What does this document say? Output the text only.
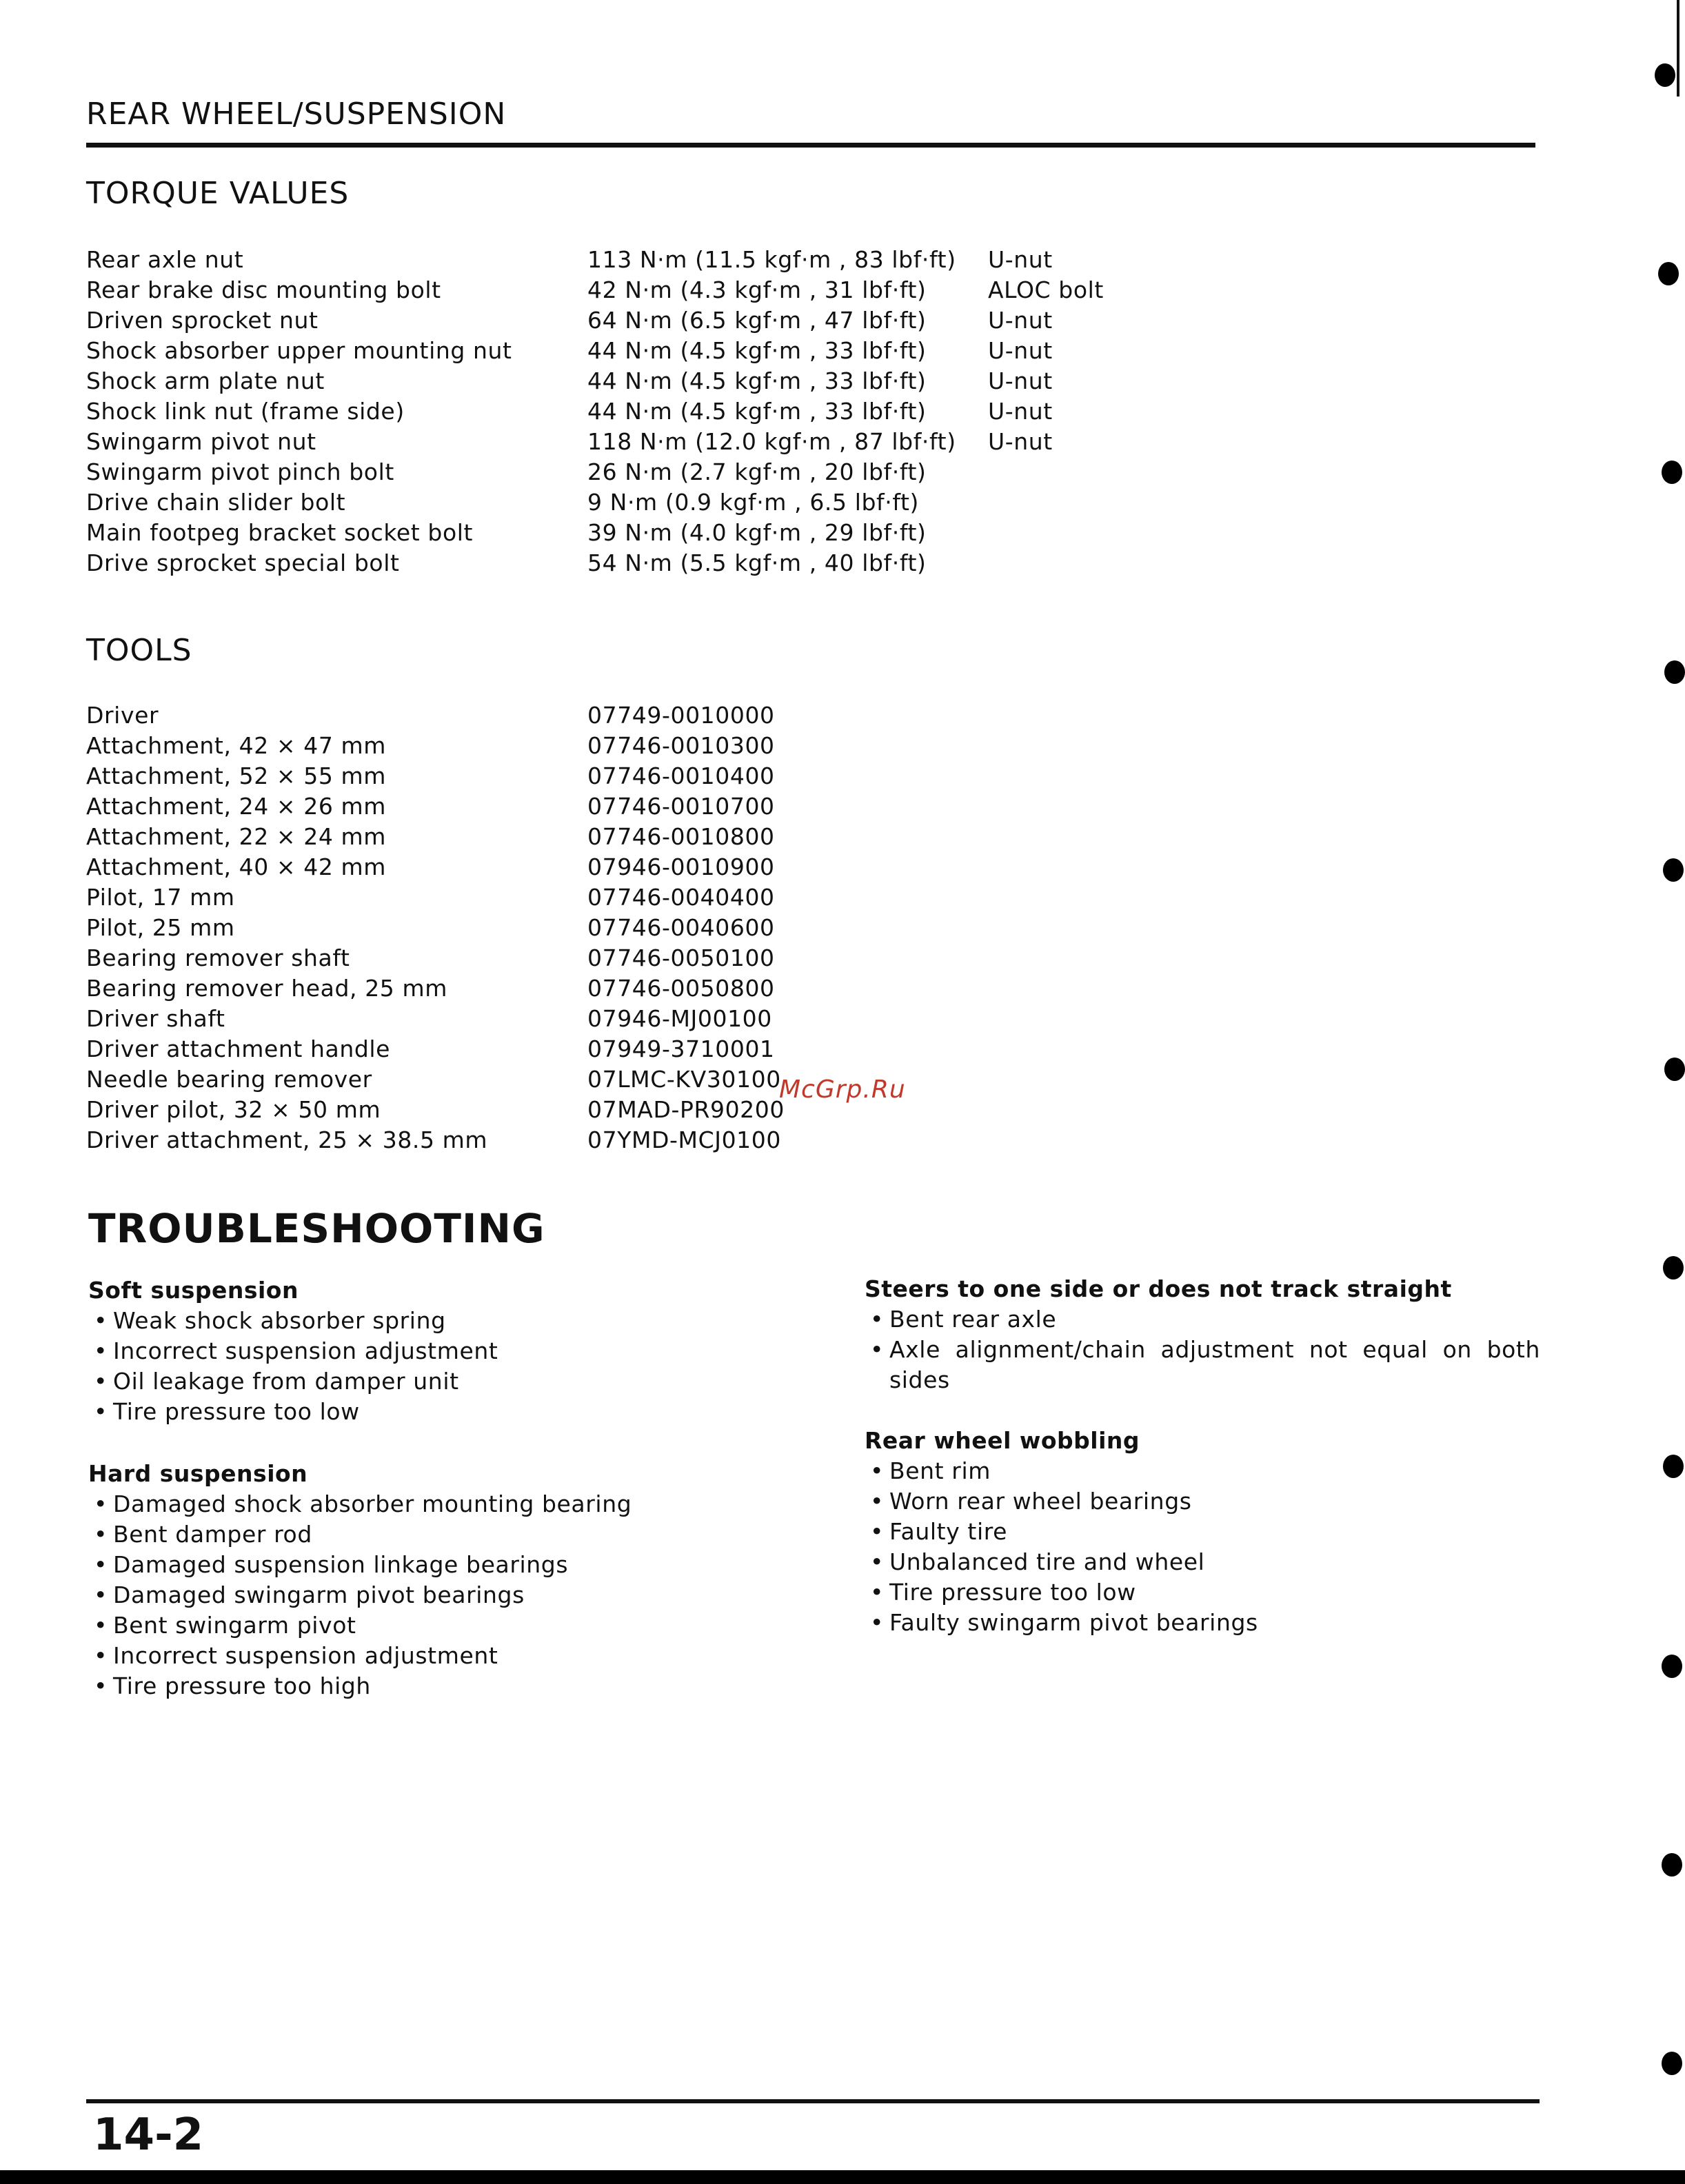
REAR WHEEL/SUSPENSION
TORQUE VALUES
Rear axle nut	113 N·m (11.5 kgf·m , 83 lbf·ft) U-nut
Rear brake disc mounting bolt	42 N·m (4.3 kgf·m , 31 lbf·ft)	ALOC bolt
Driven sprocket nut	64 N·m (6.5 kgf·m , 47 lbf·ft)	U-nut
Shock absorber upper mounting nut	44 N·m (4.5 kgf·m , 33 lbf·ft)	U-nut
Shock arm plate nut	44 N·m (4.5 kgf·m , 33 lbf·ft)	U-nut
Shock link nut (frame side)	44 N·m (4.5 kgf·m , 33 lbf·ft)	U-nut
Swingarm pivot nut	118 N·m (12.0 kgf·m , 87 lbf·ft) U-nut
Swingarm pivot pinch bolt	26 N·m (2.7 kgf·m , 20 lbf·ft)
Drive chain slider bolt	9 N·m (0.9 kgf·m , 6.5 lbf·ft)
Main footpeg bracket socket bolt	39 N·m (4.0 kgf·m , 29 lbf·ft)
Drive sprocket special bolt	54 N·m (5.5 kgf·m , 40 lbf·ft)
TOOLS
Driver	07749-0010000
Attachment, 42 × 47 mm	07746-0010300
Attachment, 52 × 55 mm	07746-0010400
Attachment, 24 × 26 mm	07746-0010700
Attachment, 22 × 24 mm	07746-0010800
Attachment, 40 × 42 mm	07946-0010900
Pilot, 17 mm	07746-0040400
Pilot, 25 mm	07746-0040600
Bearing remover shaft	07746-0050100
Bearing remover head, 25 mm	07746-0050800
Driver shaft	07946-MJ00100
Driver attachment handle	07949-3710001
Needle bearing remover	07LMC-KV30100
Driver pilot, 32 × 50 mm	07MAD-PR90200
Driver attachment, 25 × 38.5 mm	07YMD-MCJ0100
McGrp.Ru
TROUBLESHOOTING
Soft suspension
• Weak shock absorber spring
• Incorrect suspension adjustment
• Oil leakage from damper unit
• Tire pressure too low
Hard suspension
• Damaged shock absorber mounting bearing
• Bent damper rod
• Damaged suspension linkage bearings
• Damaged swingarm pivot bearings
• Bent swingarm pivot
• Incorrect suspension adjustment
• Tire pressure too high
Steers to one side or does not track straight
• Bent rear axle
• Axle alignment/chain adjustment not equal on both sides
Rear wheel wobbling
• Bent rim
• Worn rear wheel bearings
• Faulty tire
• Unbalanced tire and wheel
• Tire pressure too low
• Faulty swingarm pivot bearings
14-2
